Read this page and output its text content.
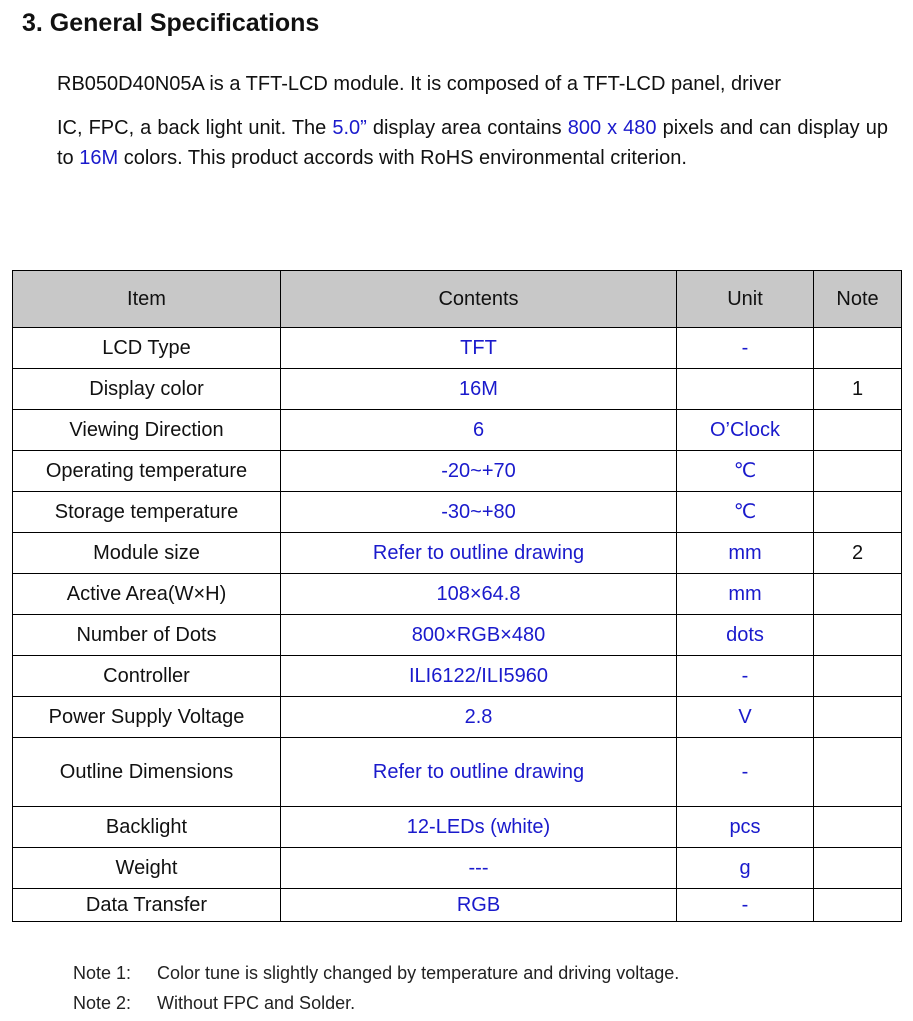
3. General Specifications
RB050D40N05A is a TFT-LCD module. It is composed of a TFT-LCD panel, driver
IC, FPC, a back light unit. The 5.0” display area contains 800 x 480 pixels and can display up to 16M colors. This product accords with RoHS environmental criterion.
Item	Contents	Unit	Note
LCD Type	TFT	-	
Display color	16M		1
Viewing Direction	6	O’Clock	
Operating temperature	-20~+70	℃	
Storage temperature	-30~+80	℃	
Module size	Refer to outline drawing	mm	2
Active Area(W×H)	108×64.8	mm	
Number of Dots	800×RGB×480	dots	
Controller	ILI6122/ILI5960	-	
Power Supply Voltage	2.8	V	
Outline Dimensions	Refer to outline drawing	-	
Backlight	12-LEDs (white)	pcs	
Weight	---	g	
Data Transfer	RGB	-	
Note 1: Color tune is slightly changed by temperature and driving voltage.
Note 2: Without FPC and Solder.
